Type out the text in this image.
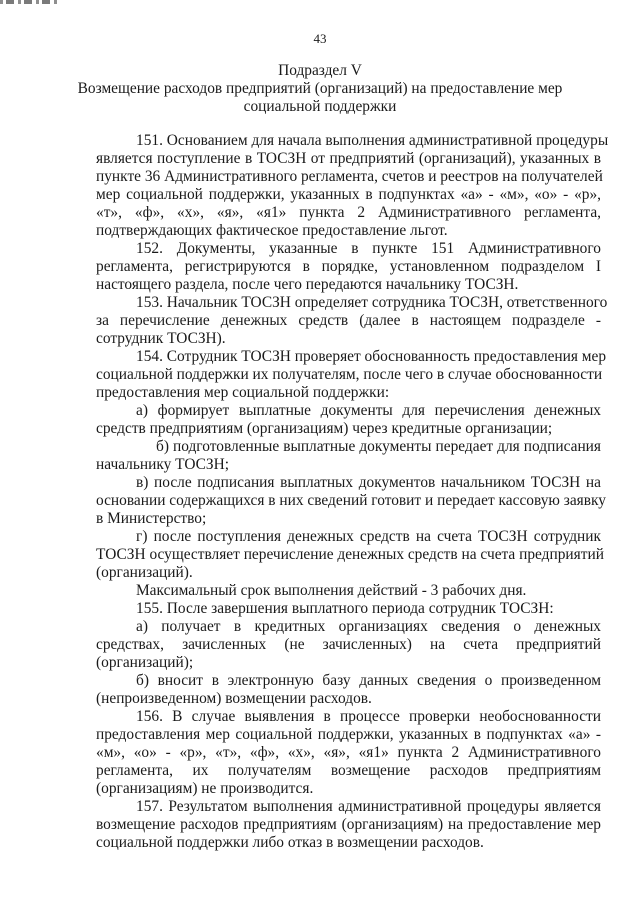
43
Подраздел V
Возмещение расходов предприятий (организаций) на предоставление мер
социальной поддержки
151. Основанием для начала выполнения административной процедуры
является поступление в ТОСЗН от предприятий (организаций), указанных в
пункте 36 Административного регламента, счетов и реестров на получателей
мер социальной поддержки, указанных в подпунктах «а» - «м», «о» - «р»,
«т», «ф», «х», «я», «я1» пункта 2 Административного регламента,
подтверждающих фактическое предоставление льгот.
152. Документы, указанные в пункте 151 Административного
регламента, регистрируются в порядке, установленном подразделом I
настоящего раздела, после чего передаются начальнику ТОСЗН.
153. Начальник ТОСЗН определяет сотрудника ТОСЗН, ответственного
за перечисление денежных средств (далее в настоящем подразделе -
сотрудник ТОСЗН).
154. Сотрудник ТОСЗН проверяет обоснованность предоставления мер
социальной поддержки их получателям, после чего в случае обоснованности
предоставления мер социальной поддержки:
а) формирует выплатные документы для перечисления денежных
средств предприятиям (организациям) через кредитные организации;
б) подготовленные выплатные документы передает для подписания
начальнику ТОСЗН;
в) после подписания выплатных документов начальником ТОСЗН на
основании содержащихся в них сведений готовит и передает кассовую заявку
в Министерство;
г) после поступления денежных средств на счета ТОСЗН сотрудник
ТОСЗН осуществляет перечисление денежных средств на счета предприятий
(организаций).
Максимальный срок выполнения действий - 3 рабочих дня.
155. После завершения выплатного периода сотрудник ТОСЗН:
а) получает в кредитных организациях сведения о денежных
средствах, зачисленных (не зачисленных) на счета предприятий
(организаций);
б) вносит в электронную базу данных сведения о произведенном
(непроизведенном) возмещении расходов.
156. В случае выявления в процессе проверки необоснованности
предоставления мер социальной поддержки, указанных в подпунктах «а» -
«м», «о» - «р», «т», «ф», «х», «я», «я1» пункта 2 Административного
регламента, их получателям возмещение расходов предприятиям
(организациям) не производится.
157. Результатом выполнения административной процедуры является
возмещение расходов предприятиям (организациям) на предоставление мер
социальной поддержки либо отказ в возмещении расходов.
